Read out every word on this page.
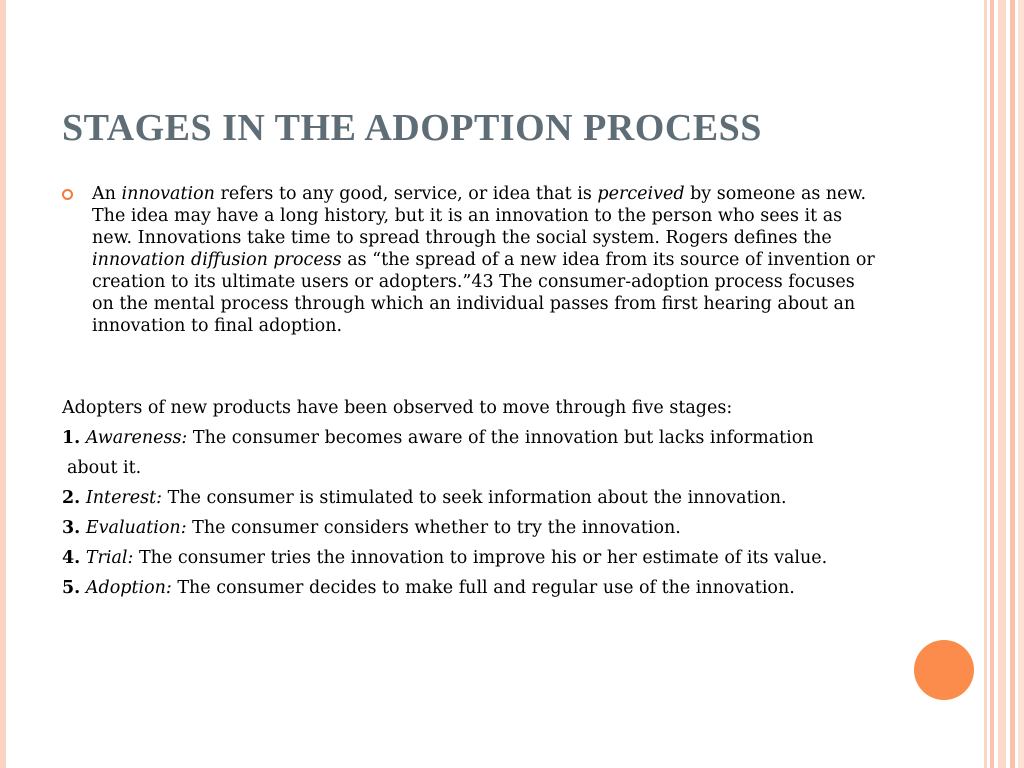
STAGES IN THE ADOPTION PROCESS
An innovation refers to any good, service, or idea that is perceived by someone as new. The idea may have a long history, but it is an innovation to the person who sees it as new. Innovations take time to spread through the social system. Rogers defines the innovation diffusion process as “the spread of a new idea from its source of invention or creation to its ultimate users or adopters.”43 The consumer-adoption process focuses on the mental process through which an individual passes from first hearing about an innovation to final adoption.

Adopters of new products have been observed to move through five stages:

1. Awareness: The consumer becomes aware of the innovation but lacks information

about it.

2. Interest: The consumer is stimulated to seek information about the innovation.

3. Evaluation: The consumer considers whether to try the innovation.

4. Trial: The consumer tries the innovation to improve his or her estimate of its value.

5. Adoption: The consumer decides to make full and regular use of the innovation.
